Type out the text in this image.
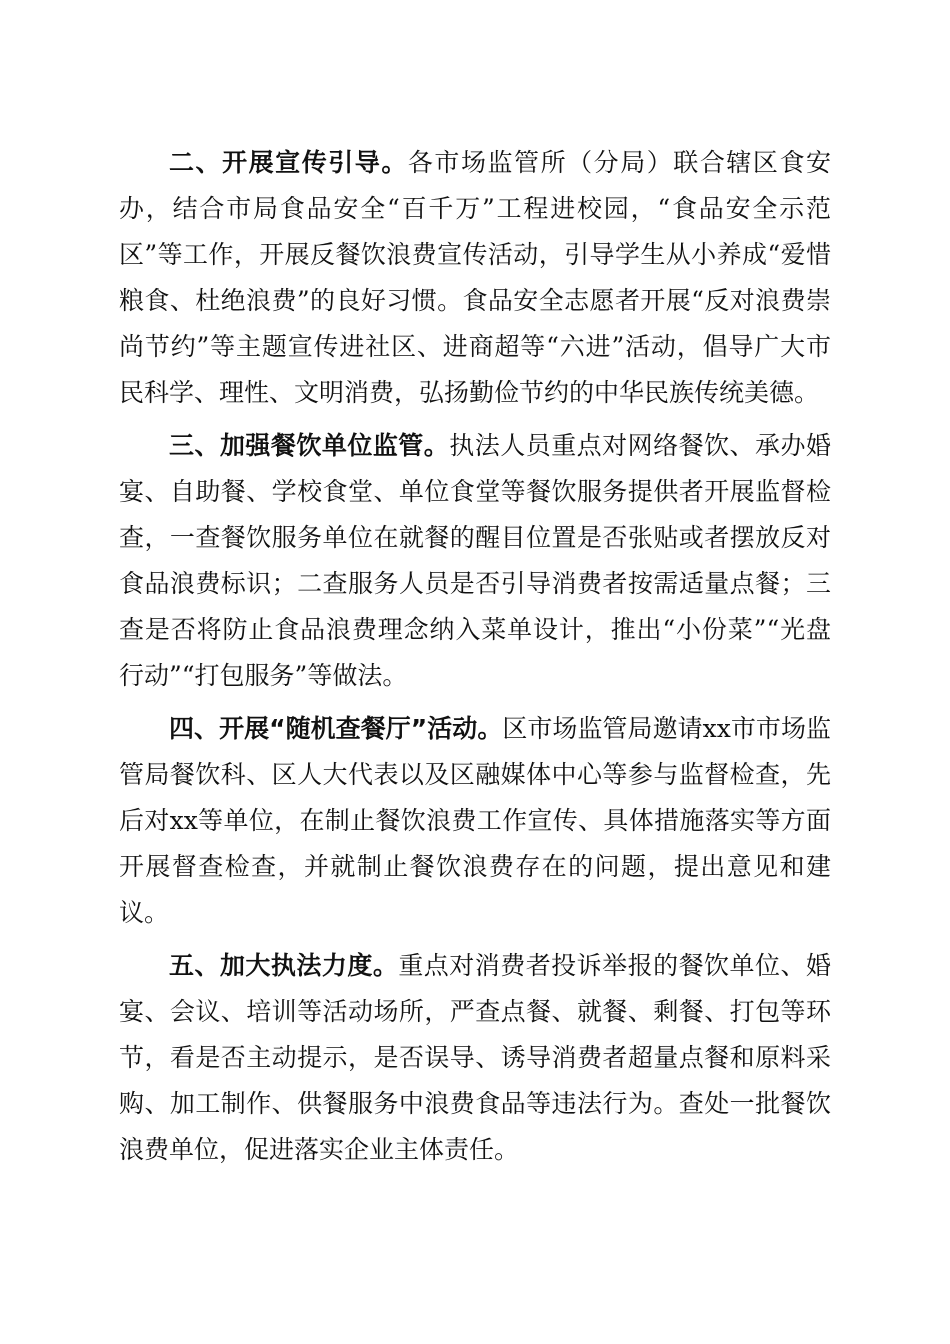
二、开展宣传引导。各市场监管所（分局）联合辖区食安办，结合市局食品安全“百千万”工程进校园，“食品安全示范区”等工作，开展反餐饮浪费宣传活动，引导学生从小养成“爱惜粮食、杜绝浪费”的良好习惯。食品安全志愿者开展“反对浪费崇尚节约”等主题宣传进社区、进商超等“六进”活动，倡导广大市民科学、理性、文明消费，弘扬勤俭节约的中华民族传统美德。

三、加强餐饮单位监管。执法人员重点对网络餐饮、承办婚宴、自助餐、学校食堂、单位食堂等餐饮服务提供者开展监督检查，一查餐饮服务单位在就餐的醒目位置是否张贴或者摆放反对食品浪费标识；二查服务人员是否引导消费者按需适量点餐；三查是否将防止食品浪费理念纳入菜单设计，推出“小份菜”“光盘行动”“打包服务”等做法。

四、开展“随机查餐厅”活动。区市场监管局邀请xx市市场监管局餐饮科、区人大代表以及区融媒体中心等参与监督检查，先后对xx等单位，在制止餐饮浪费工作宣传、具体措施落实等方面开展督查检查，并就制止餐饮浪费存在的问题，提出意见和建议。

五、加大执法力度。重点对消费者投诉举报的餐饮单位、婚宴、会议、培训等活动场所，严查点餐、就餐、剩餐、打包等环节，看是否主动提示，是否误导、诱导消费者超量点餐和原料采购、加工制作、供餐服务中浪费食品等违法行为。查处一批餐饮浪费单位，促进落实企业主体责任。
